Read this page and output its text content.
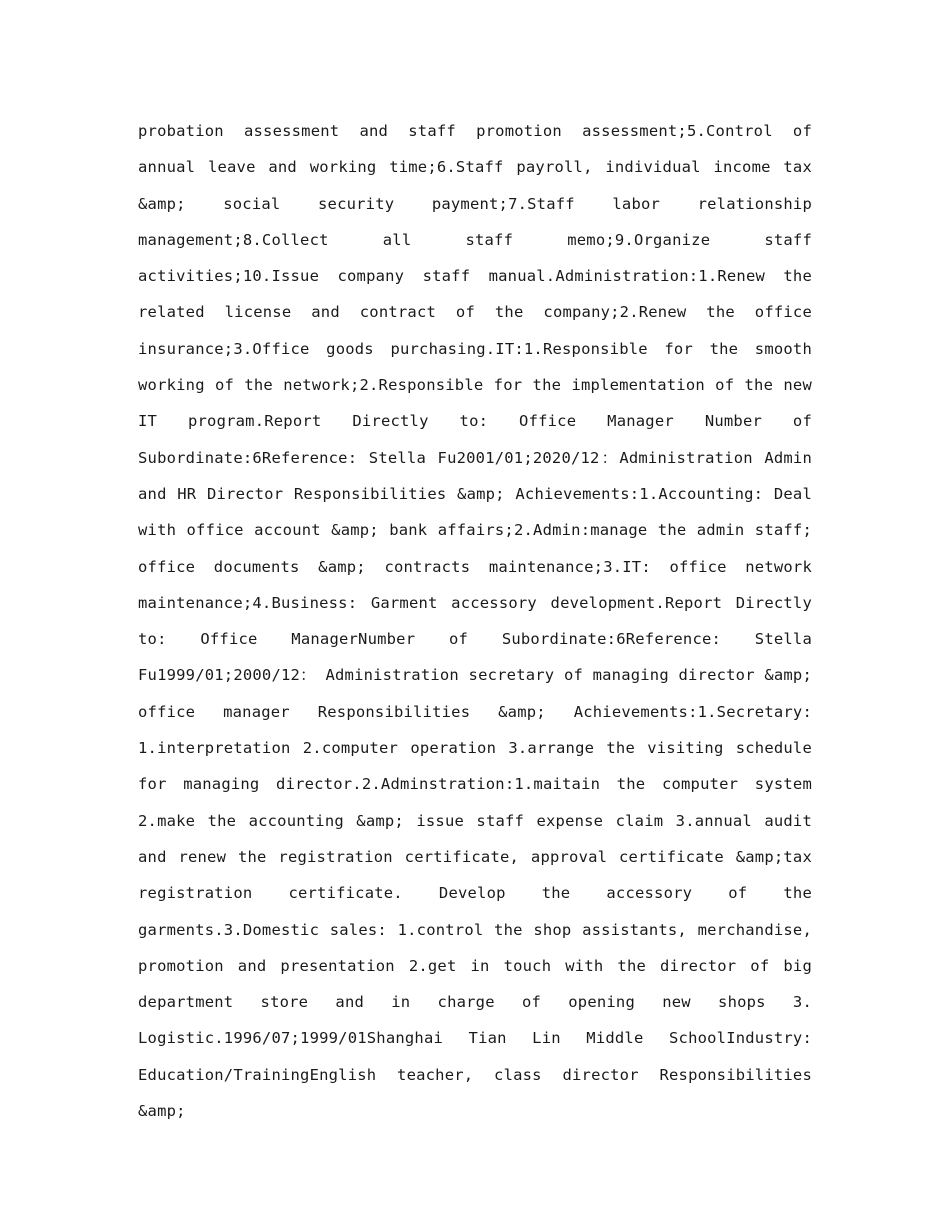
probation assessment and staff promotion assessment;5.Control of annual leave and working time;6.Staff payroll, individual income tax &amp; social security payment;7.Staff labor relationship management;8.Collect all staff memo;9.Organize staff activities;10.Issue company staff manual.Administration:1.Renew the related license and contract of the company;2.Renew the office insurance;3.Office goods purchasing.IT:1.Responsible for the smooth working of the network;2.Responsible for the implementation of the new IT program.Report Directly to: Office Manager Number of Subordinate:6Reference: Stella Fu2001/01;2020/12：Administration Admin and HR Director Responsibilities &amp; Achievements:1.Accounting: Deal with office account &amp; bank affairs;2.Admin:manage the admin staff; office documents &amp; contracts maintenance;3.IT: office network maintenance;4.Business: Garment accessory development.Report Directly to: Office ManagerNumber of Subordinate:6Reference: Stella Fu1999/01;2000/12： Administration secretary of managing director &amp; office manager Responsibilities &amp; Achievements:1.Secretary: 1.interpretation 2.computer operation 3.arrange the visiting schedule for managing director.2.Adminstration:1.maitain the computer system 2.make the accounting &amp; issue staff expense claim 3.annual audit and renew the registration certificate, approval certificate &amp;tax registration certificate. Develop the accessory of the garments.3.Domestic sales: 1.control the shop assistants, merchandise, promotion and presentation 2.get in touch with the director of big department store and in charge of opening new shops 3. Logistic.1996/07;1999/01Shanghai Tian Lin Middle SchoolIndustry: Education/TrainingEnglish teacher, class director Responsibilities &amp;
